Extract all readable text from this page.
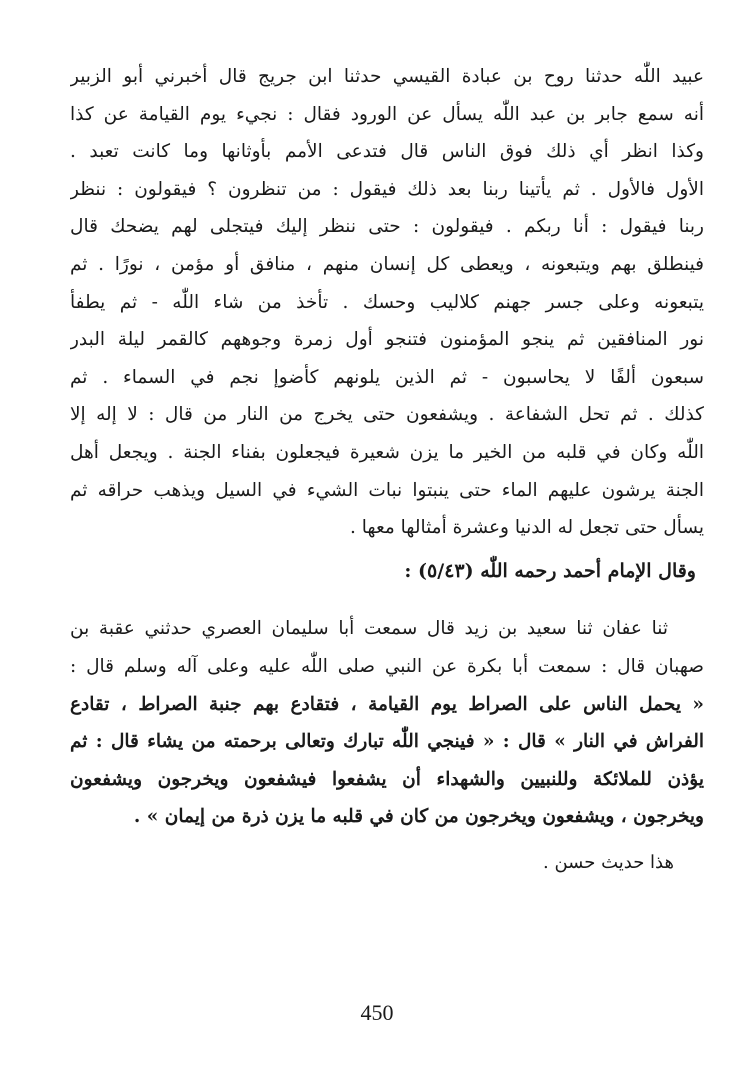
عبيد اللّٰه حدثنا روح بن عبادة القيسي حدثنا ابن جريج قال أخبرني أبو الزبير
أنه سمع جابر بن عبد اللّٰه يسأل عن الورود فقال : نجيء يوم القيامة عن كذا
وكذا انظر أي ذلك فوق الناس قال فتدعى الأمم بأوثانها وما كانت تعبد .
الأول فالأول . ثم يأتينا ربنا بعد ذلك فيقول : من تنظرون ؟ فيقولون : ننظر
ربنا فيقول : أنا ربكم . فيقولون : حتى ننظر إليك فيتجلى لهم يضحك قال
فينطلق بهم ويتبعونه ، ويعطى كل إنسان منهم ، منافق أو مؤمن ، نورًا . ثم
يتبعونه وعلى جسر جهنم كلاليب وحسك . تأخذ من شاء اللّٰه - ثم يطفأ
نور المنافقين ثم ينجو المؤمنون فتنجو أول زمرة وجوههم كالقمر ليلة البدر
سبعون ألفًا لا يحاسبون - ثم الذين يلونهم كأضوإ نجم في السماء . ثم
كذلك . ثم تحل الشفاعة . ويشفعون حتى يخرج من النار من قال : لا إله إلا
اللّٰه وكان في قلبه من الخير ما يزن شعيرة فيجعلون بفناء الجنة . ويجعل أهل
الجنة يرشون عليهم الماء حتى ينبتوا نبات الشيء في السيل ويذهب حراقه ثم
يسأل حتى تجعل له الدنيا وعشرة أمثالها معها .
وقال الإمام أحمد رحمه اللّٰه (٥/٤٣) :
ثنا عفان ثنا سعيد بن زيد قال سمعت أبا سليمان العصري حدثني عقبة بن
صهبان قال : سمعت أبا بكرة عن النبي صلى اللّٰه عليه وعلى آله وسلم قال :
« يحمل الناس على الصراط يوم القيامة ، فتقادع بهم جنبة الصراط ، تقادع
الفراش في النار » قال : « فينجي اللّٰه تبارك وتعالى برحمته من يشاء قال : ثم
يؤذن للملائكة وللنبيين والشهداء أن يشفعوا فيشفعون ويخرجون ويشفعون
ويخرجون ، ويشفعون ويخرجون من كان في قلبه ما يزن ذرة من إيمان » .
هذا حديث حسن .
450
